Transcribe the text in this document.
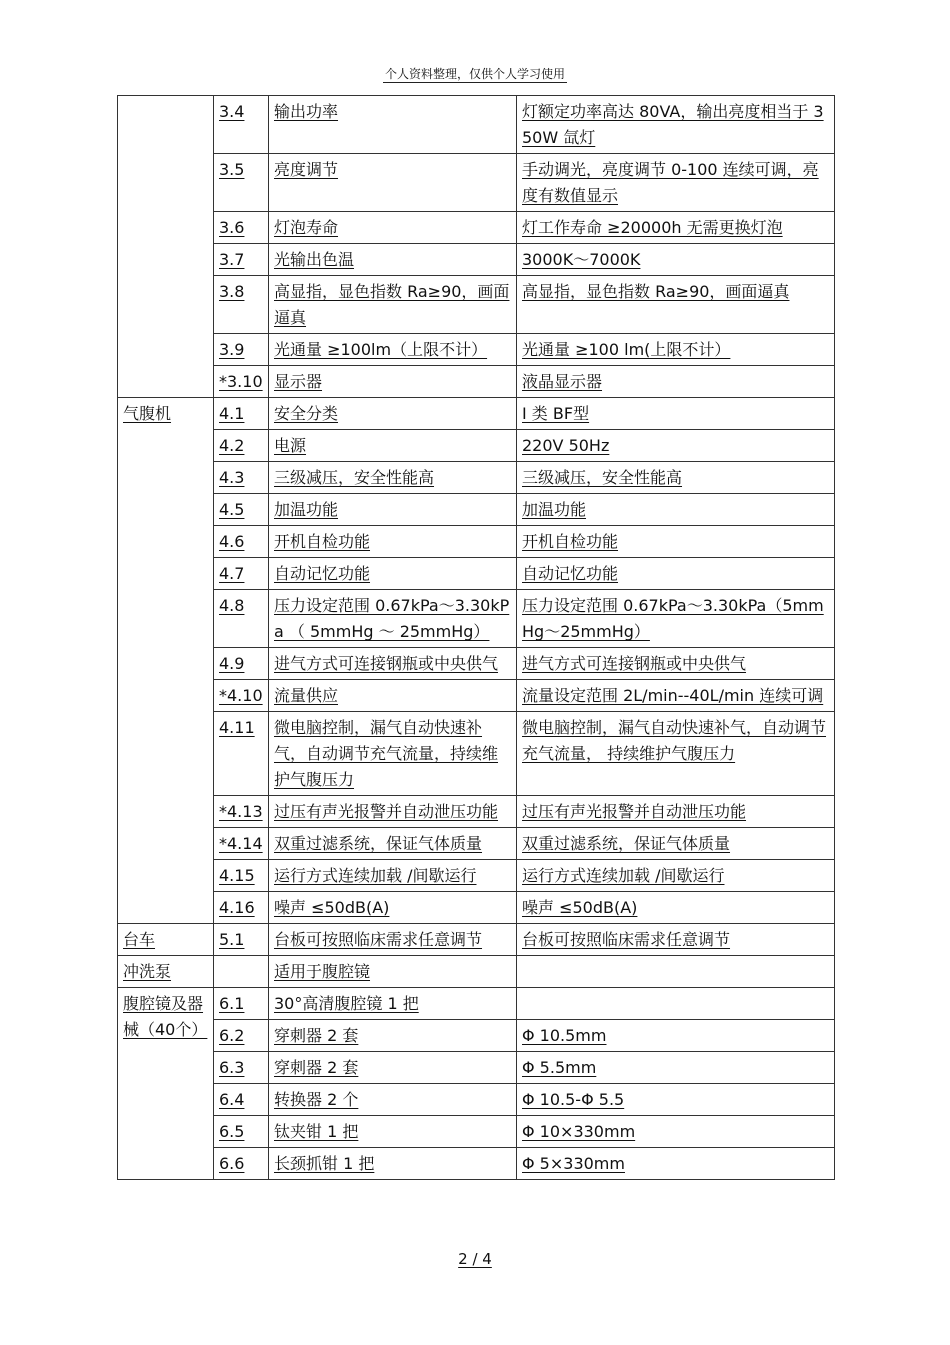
个人资料整理，仅供个人学习使用
	3.4	输出功率	灯额定功率高达 80VA，输出亮度相当于 350W 氙灯
	3.5	亮度调节	手动调光，亮度调节 0-100 连续可调，亮度有数值显示
	3.6	灯泡寿命	灯工作寿命 ≥20000h 无需更换灯泡
	3.7	光输出色温	3000K～7000K
	3.8	高显指，显色指数 Ra≥90，画面逼真	高显指，显色指数 Ra≥90，画面逼真
	3.9	光通量 ≥100lm（上限不计）	光通量 ≥100 lm(上限不计）
	*3.10	显示器	液晶显示器
气腹机	4.1	安全分类	I 类 BF型
	4.2	电源	220V 50Hz
	4.3	三级减压，安全性能高	三级减压，安全性能高
	4.5	加温功能	加温功能
	4.6	开机自检功能	开机自检功能
	4.7	自动记忆功能	自动记忆功能
	4.8	压力设定范围 0.67kPa～3.30kPa （ 5mmHg ～ 25mmHg）	压力设定范围 0.67kPa～3.30kPa（5mmHg～25mmHg）
	4.9	进气方式可连接钢瓶或中央供气	进气方式可连接钢瓶或中央供气
	*4.10	流量供应	流量设定范围 2L/min--40L/min 连续可调
	4.11	微电脑控制，漏气自动快速补气，自动调节充气流量，持续维护气腹压力	微电脑控制，漏气自动快速补气，自动调节充气流量， 持续维护气腹压力
	*4.13	过压有声光报警并自动泄压功能	过压有声光报警并自动泄压功能
	*4.14	双重过滤系统，保证气体质量	双重过滤系统，保证气体质量
	4.15	运行方式连续加载 /间歇运行	运行方式连续加载 /间歇运行
	4.16	噪声 ≤50dB(A)	噪声 ≤50dB(A)
台车	5.1	台板可按照临床需求任意调节	台板可按照临床需求任意调节
冲洗泵		适用于腹腔镜	
腹腔镜及器械（40个）	6.1	30°高清腹腔镜 1 把	
	6.2	穿刺器 2 套	Φ 10.5mm
	6.3	穿刺器 2 套	Φ 5.5mm
	6.4	转换器 2 个	Φ 10.5-Φ 5.5
	6.5	钛夹钳 1 把	Φ 10×330mm
	6.6	长颈抓钳 1 把	Φ 5×330mm
2 / 4
